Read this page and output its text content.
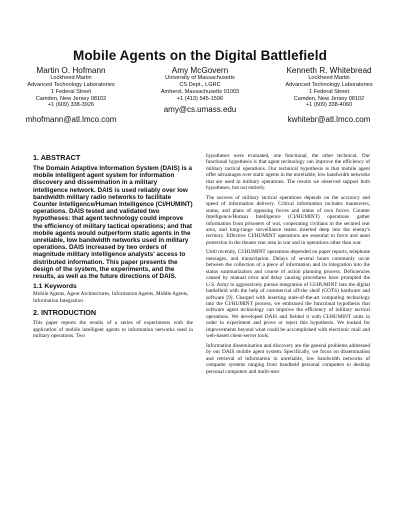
Mobile Agents on the Digital Battlefield
Martin O. Hofmann
Lockheed Martin
Advanced Technology Laboratories
1 Federal Street
Camden, New Jersey 08102
+1 (609) 338-3926
mhofmann@atl.lmco.com
Amy McGovern
University of Massachusetts
CS Dept., LGRC
Amherst, Massachusetts 01003
+1 (413) 545-1596
amy@cs.umass.edu
Kenneth R. Whitebread
Lockheed Martin
Advanced Technology Laboratories
1 Federal Street
Camden, New Jersey 08102
+1 (609) 338-4060
kwhitebr@atl.lmco.com
1. ABSTRACT

The Domain Adaptive Information System (DAIS) is a mobile intelligent agent system for information discovery and dissemination in a military intelligence network. DAIS is used reliably over low bandwidth military radio networks to facilitate Counter Intelligence/Human Intelligence (CI/HUMINT) operations. DAIS tested and validated two hypotheses: that agent technology could improve the efficiency of military tactical operations; and that mobile agents would outperform static agents in the unreliable, low bandwidth networks used in military operations. DAIS increased by two orders of magnitude military intelligence analysts' access to distributed information. This paper presents the design of the system, the experiments, and the results, as well as the future directions of DAIS.

1.1 Keywords

Mobile Agents, Agent Architectures, Information Agents, Middle Agents, Information Integration

2. INTRODUCTION

This paper reports the results of a series of experiments with the application of mobile intelligent agents to information networks used in military operations. Two

hypotheses were evaluated, one functional, the other technical. Our functional hypothesis is that agent technology can improve the efficiency of military tactical operations. Our technical hypothesis is that mobile agent offer advantages over static agents in the unreliable, low bandwidth networks that are used in military operations. The results we observed support both hypotheses, but not entirely.

The success of military tactical operations depends on the accuracy and speed of information delivery. Critical information includes maneuvers, status, and plans of opposing forces and status of own forces. Counter Intelligence/Human Intelligence (CI/HUMINT) operations gather information from prisoners of war, cooperating civilians in the secured rear area, and long-range surveillance teams inserted deep into the enemy's territory. Effective CI/HUMINT operations are essential to force and asset protection in the theater rear area in war and in operations other than war.

Until recently, CI/HUMINT operations depended on paper reports, telephone messages, and transcription. Delays of several hours commonly occur between the collection of a piece of information and its integration into the status summarization and course of action planning process. Deficiencies caused by manual error and delay causing procedures have prompted the U.S. Army to aggressively pursue integration of CI/HUMINT into the digital battlefield with the help of commercial off-the shelf (COTS) hardware and software [9]. Charged with inserting state-of-the-art computing technology into the CI/HUMINT process, we embraced the functional hypothesis that software agent technology can improve the efficiency of military tactical operations. We developed DAIS and fielded it with CI/HUMINT units in order to experiment and prove or reject this hypothesis. We looked for improvements beyond what could be accomplished with electronic mail and web-based client-server tools.

Information dissemination and discovery are the general problems addressed by our DAIS mobile agent system. Specifically, we focus on dissemination and retrieval of information in unreliable, low bandwidth networks of computer systems ranging from handheld personal computers to desktop personal computers and multi-user
